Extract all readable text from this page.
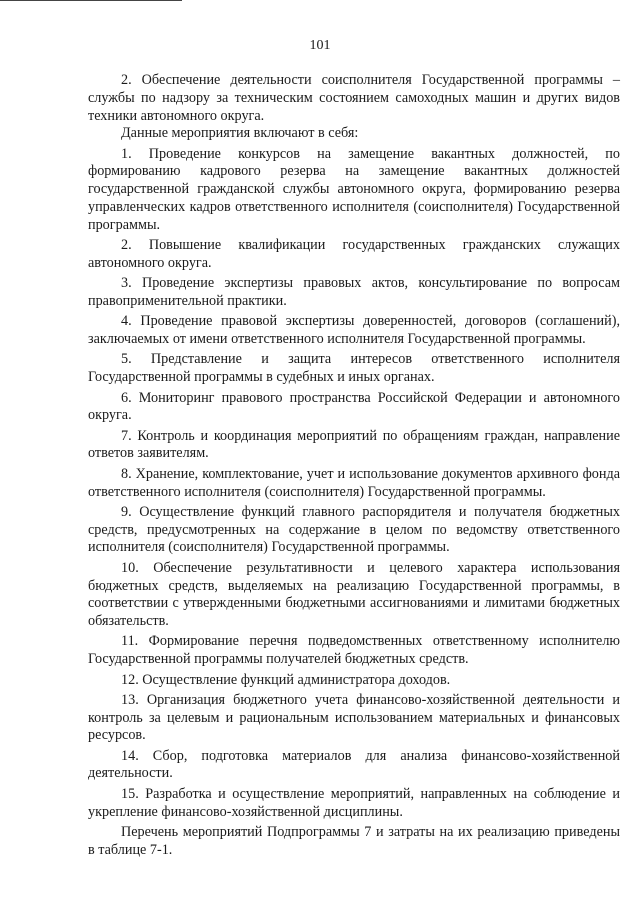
101

2. Обеспечение деятельности соисполнителя Государственной программы – службы по надзору за техническим состоянием самоходных машин и других видов техники автономного округа.

Данные мероприятия включают в себя:

1. Проведение конкурсов на замещение вакантных должностей, по формированию кадрового резерва на замещение вакантных должностей государственной гражданской службы автономного округа, формированию резерва управленческих кадров ответственного исполнителя (соисполнителя) Государственной программы.

2. Повышение квалификации государственных гражданских служащих автономного округа.

3. Проведение экспертизы правовых актов, консультирование по вопросам правоприменительной практики.

4. Проведение правовой экспертизы доверенностей, договоров (соглашений), заключаемых от имени ответственного исполнителя Государственной программы.

5. Представление и защита интересов ответственного исполнителя Государственной программы в судебных и иных органах.

6. Мониторинг правового пространства Российской Федерации и автономного округа.

7. Контроль и координация мероприятий по обращениям граждан, направление ответов заявителям.

8. Хранение, комплектование, учет и использование документов архивного фонда ответственного исполнителя (соисполнителя) Государственной программы.

9. Осуществление функций главного распорядителя и получателя бюджетных средств, предусмотренных на содержание в целом по ведомству ответственного исполнителя (соисполнителя) Государственной программы.

10. Обеспечение результативности и целевого характера использования бюджетных средств, выделяемых на реализацию Государственной программы, в соответствии с утвержденными бюджетными ассигнованиями и лимитами бюджетных обязательств.

11. Формирование перечня подведомственных ответственному исполнителю Государственной программы получателей бюджетных средств.

12. Осуществление функций администратора доходов.

13. Организация бюджетного учета финансово-хозяйственной деятельности и контроль за целевым и рациональным использованием материальных и финансовых ресурсов.

14. Сбор, подготовка материалов для анализа финансово-хозяйственной деятельности.

15. Разработка и осуществление мероприятий, направленных на соблюдение и укрепление финансово-хозяйственной дисциплины.

Перечень мероприятий Подпрограммы 7 и затраты на их реализацию приведены в таблице 7-1.
